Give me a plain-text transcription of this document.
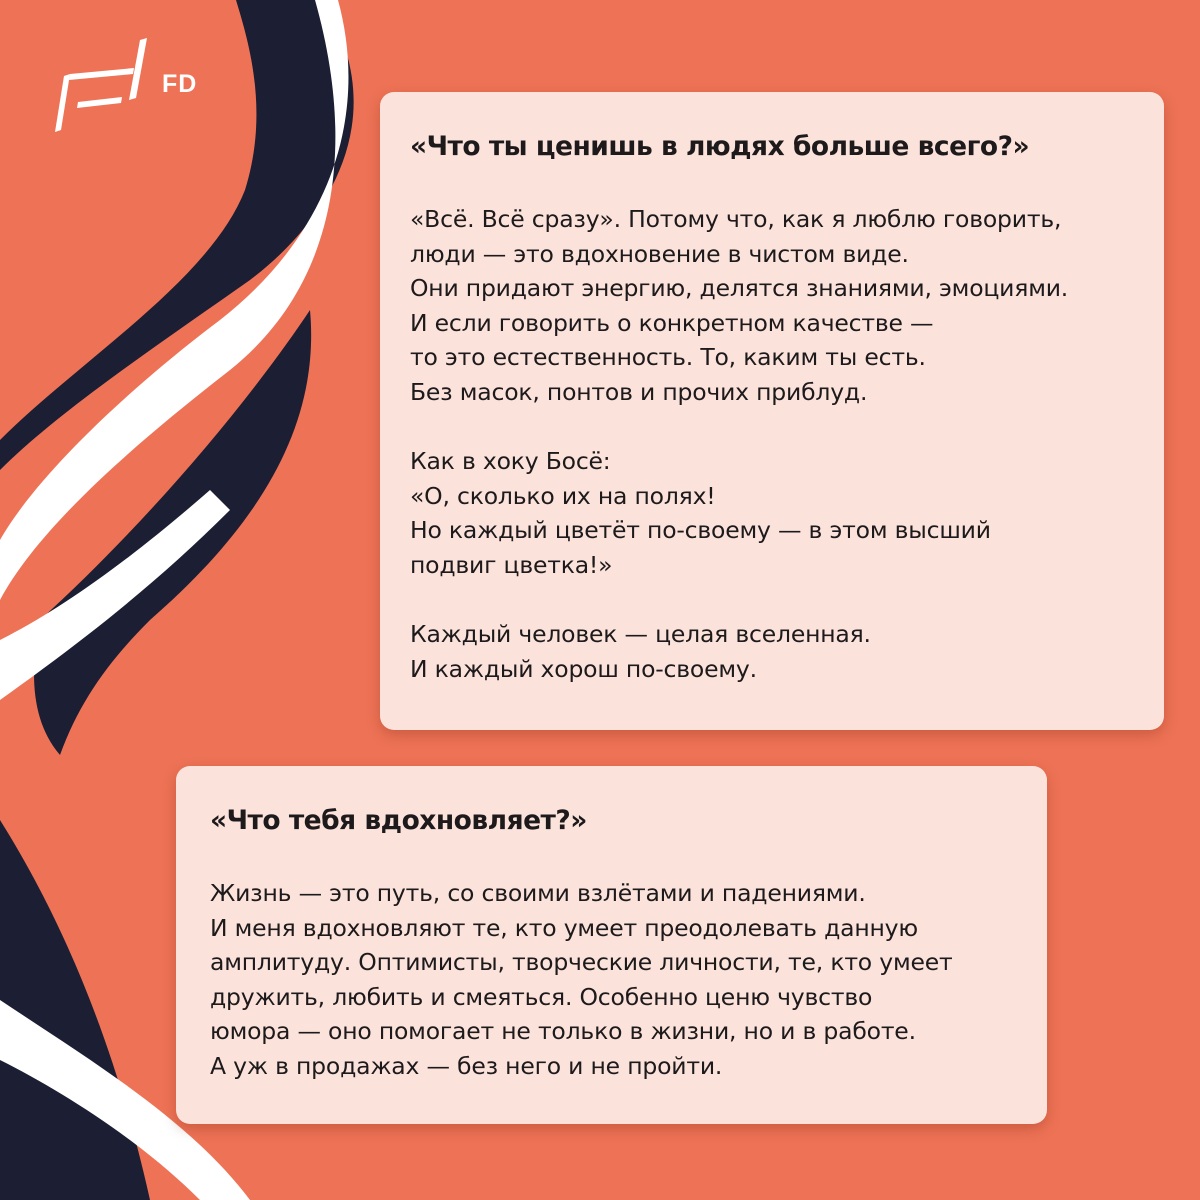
FD
«Что ты ценишь в людях больше всего?»
«Всё. Всё сразу». Потому что, как я люблю говорить,
люди — это вдохновение в чистом виде.
Они придают энергию, делятся знаниями, эмоциями.
И если говорить о конкретном качестве —
то это естественность. То, каким ты есть.
Без масок, понтов и прочих приблуд.
Как в хоку Босё:
«О, сколько их на полях!
Но каждый цветёт по-своему — в этом высший
подвиг цветка!»
Каждый человек — целая вселенная.
И каждый хорош по-своему.
«Что тебя вдохновляет?»
Жизнь — это путь, со своими взлётами и падениями.
И меня вдохновляют те, кто умеет преодолевать данную
амплитуду. Оптимисты, творческие личности, те, кто умеет
дружить, любить и смеяться. Особенно ценю чувство
юмора — оно помогает не только в жизни, но и в работе.
А уж в продажах — без него и не пройти.
